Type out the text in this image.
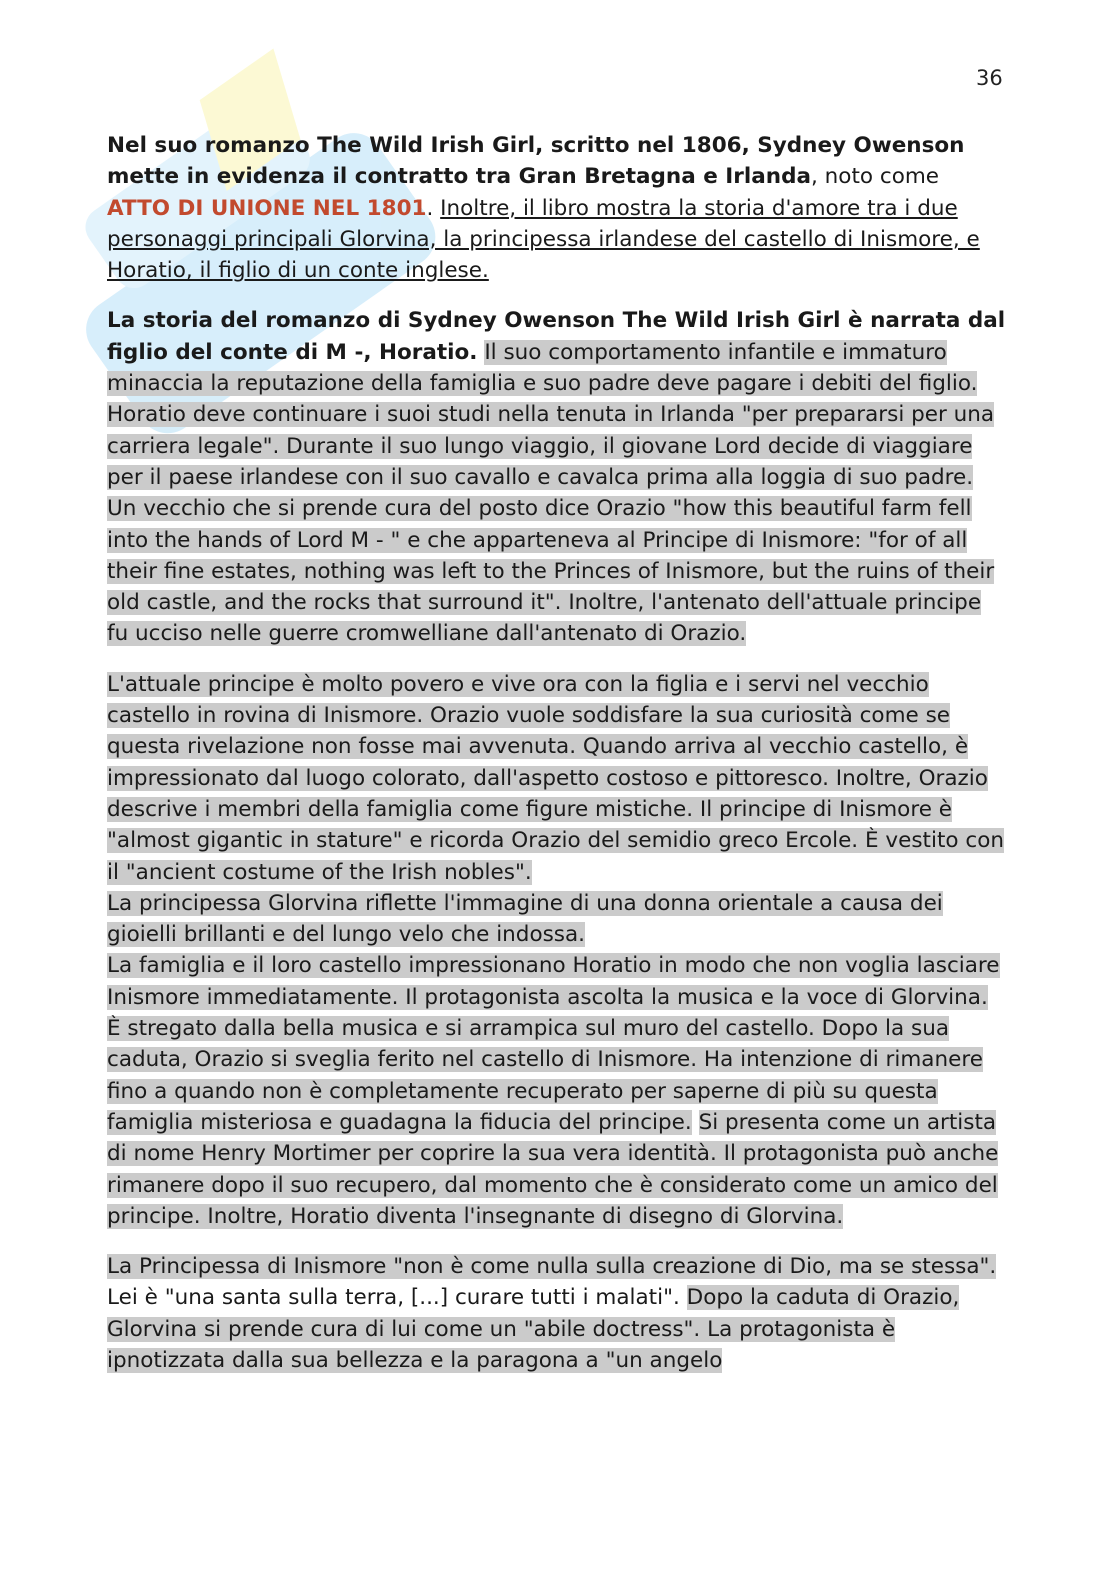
36

Nel suo romanzo The Wild Irish Girl, scritto nel 1806, Sydney Owenson mette in evidenza il contratto tra Gran Bretagna e Irlanda, noto come ATTO DI UNIONE NEL 1801. Inoltre, il libro mostra la storia d'amore tra i due personaggi principali Glorvina, la principessa irlandese del castello di Inismore, e Horatio, il figlio di un conte inglese.

La storia del romanzo di Sydney Owenson The Wild Irish Girl è narrata dal figlio del conte di M -, Horatio. Il suo comportamento infantile e immaturo minaccia la reputazione della famiglia e suo padre deve pagare i debiti del figlio. Horatio deve continuare i suoi studi nella tenuta in Irlanda "per prepararsi per una carriera legale". Durante il suo lungo viaggio, il giovane Lord decide di viaggiare per il paese irlandese con il suo cavallo e cavalca prima alla loggia di suo padre. Un vecchio che si prende cura del posto dice Orazio "how this beautiful farm fell into the hands of Lord M - " e che apparteneva al Principe di Inismore: "for of all their fine estates, nothing was left to the Princes of Inismore, but the ruins of their old castle, and the rocks that surround it". Inoltre, l'antenato dell'attuale principe fu ucciso nelle guerre cromwelliane dall'antenato di Orazio.

L'attuale principe è molto povero e vive ora con la figlia e i servi nel vecchio castello in rovina di Inismore. Orazio vuole soddisfare la sua curiosità come se questa rivelazione non fosse mai avvenuta. Quando arriva al vecchio castello, è impressionato dal luogo colorato, dall'aspetto costoso e pittoresco. Inoltre, Orazio descrive i membri della famiglia come figure mistiche. Il principe di Inismore è "almost gigantic in stature" e ricorda Orazio del semidio greco Ercole. È vestito con il "ancient costume of the Irish nobles".

La principessa Glorvina riflette l'immagine di una donna orientale a causa dei gioielli brillanti e del lungo velo che indossa.

La famiglia e il loro castello impressionano Horatio in modo che non voglia lasciare Inismore immediatamente. Il protagonista ascolta la musica e la voce di Glorvina. È stregato dalla bella musica e si arrampica sul muro del castello. Dopo la sua caduta, Orazio si sveglia ferito nel castello di Inismore. Ha intenzione di rimanere fino a quando non è completamente recuperato per saperne di più su questa famiglia misteriosa e guadagna la fiducia del principe. Si presenta come un artista di nome Henry Mortimer per coprire la sua vera identità. Il protagonista può anche rimanere dopo il suo recupero, dal momento che è considerato come un amico del principe. Inoltre, Horatio diventa l'insegnante di disegno di Glorvina.

La Principessa di Inismore "non è come nulla sulla creazione di Dio, ma se stessa". Lei è "una santa sulla terra, [...] curare tutti i malati". Dopo la caduta di Orazio, Glorvina si prende cura di lui come un "abile doctress". La protagonista è ipnotizzata dalla sua bellezza e la paragona a "un angelo
